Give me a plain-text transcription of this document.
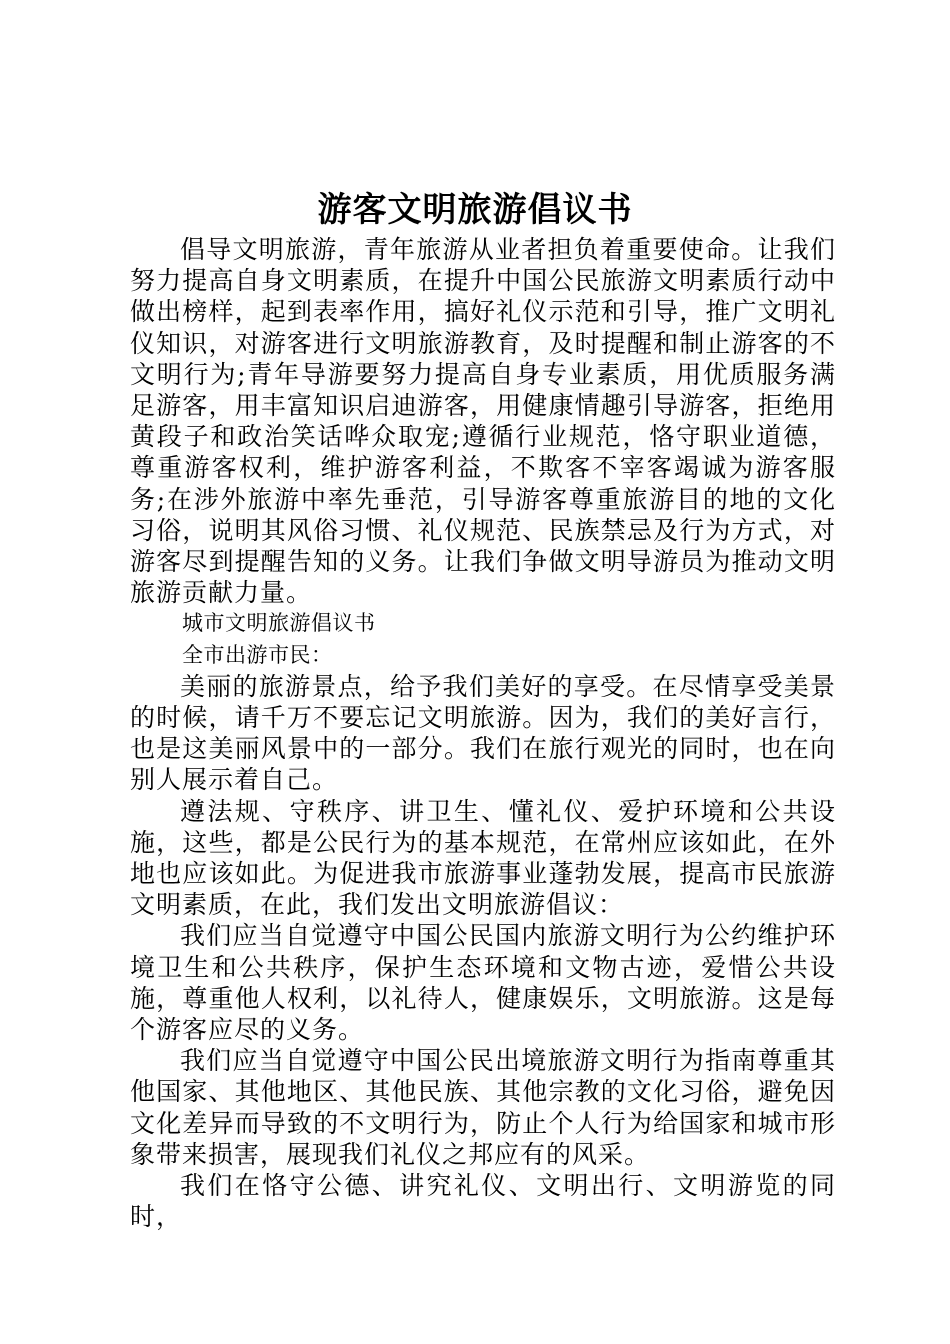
游客文明旅游倡议书

倡导文明旅游，青年旅游从业者担负着重要使命。让我们努力提高自身文明素质，在提升中国公民旅游文明素质行动中做出榜样，起到表率作用，搞好礼仪示范和引导，推广文明礼仪知识，对游客进行文明旅游教育，及时提醒和制止游客的不文明行为;青年导游要努力提高自身专业素质，用优质服务满足游客，用丰富知识启迪游客，用健康情趣引导游客，拒绝用黄段子和政治笑话哗众取宠;遵循行业规范，恪守职业道德，尊重游客权利，维护游客利益，不欺客不宰客竭诚为游客服务;在涉外旅游中率先垂范，引导游客尊重旅游目的地的文化习俗，说明其风俗习惯、礼仪规范、民族禁忌及行为方式，对游客尽到提醒告知的义务。让我们争做文明导游员为推动文明旅游贡献力量。

城市文明旅游倡议书

全市出游市民：

美丽的旅游景点，给予我们美好的享受。在尽情享受美景的时候，请千万不要忘记文明旅游。因为，我们的美好言行，也是这美丽风景中的一部分。我们在旅行观光的同时，也在向别人展示着自己。

遵法规、守秩序、讲卫生、懂礼仪、爱护环境和公共设施，这些，都是公民行为的基本规范，在常州应该如此，在外地也应该如此。为促进我市旅游事业蓬勃发展，提高市民旅游文明素质，在此，我们发出文明旅游倡议：

我们应当自觉遵守中国公民国内旅游文明行为公约维护环境卫生和公共秩序，保护生态环境和文物古迹，爱惜公共设施，尊重他人权利，以礼待人，健康娱乐，文明旅游。这是每个游客应尽的义务。

我们应当自觉遵守中国公民出境旅游文明行为指南尊重其他国家、其他地区、其他民族、其他宗教的文化习俗，避免因文化差异而导致的不文明行为，防止个人行为给国家和城市形象带来损害，展现我们礼仪之邦应有的风采。

我们在恪守公德、讲究礼仪、文明出行、文明游览的同时，
